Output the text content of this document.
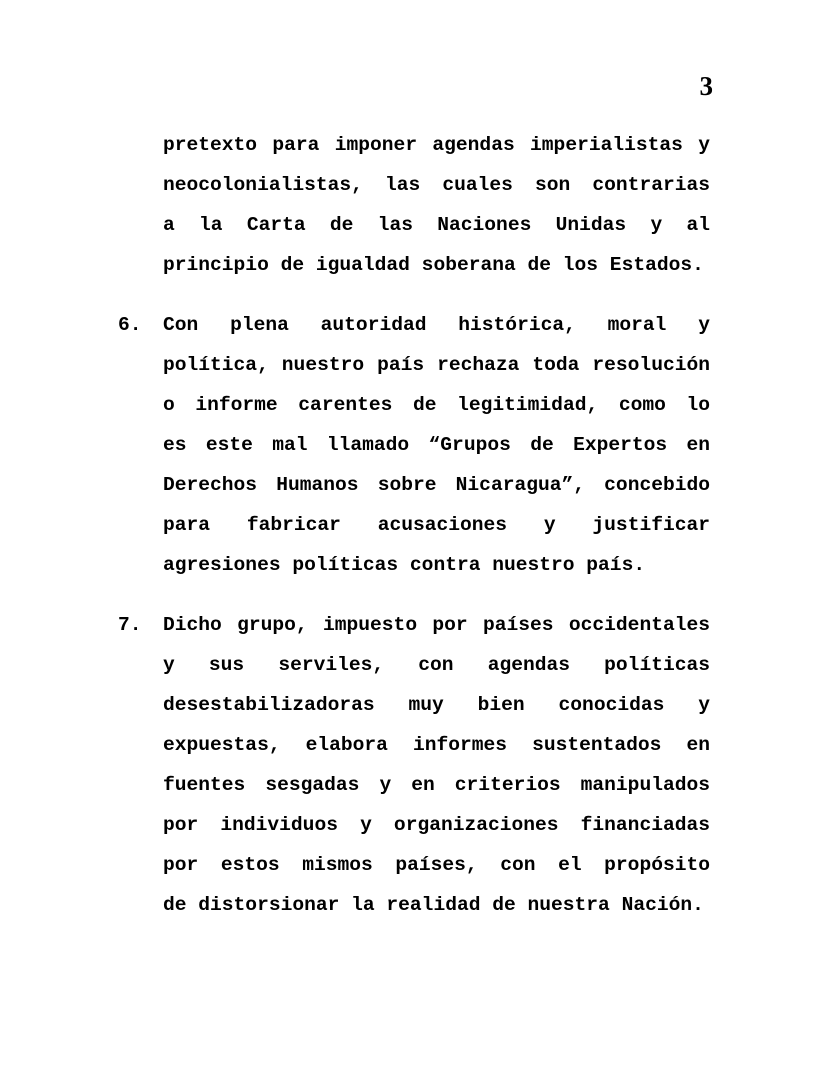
3
pretexto para imponer agendas imperialistas y
neocolonialistas, las cuales son contrarias
a la Carta de las Naciones Unidas y al
principio de igualdad soberana de los Estados.
6. Con plena autoridad histórica, moral y
política, nuestro país rechaza toda resolución
o informe carentes de legitimidad, como lo
es este mal llamado “Grupos de Expertos en
Derechos Humanos sobre Nicaragua”, concebido
para fabricar acusaciones y justificar
agresiones políticas contra nuestro país.
7. Dicho grupo, impuesto por países occidentales
y sus serviles, con agendas políticas
desestabilizadoras muy bien conocidas y
expuestas, elabora informes sustentados en
fuentes sesgadas y en criterios manipulados
por individuos y organizaciones financiadas
por estos mismos países, con el propósito
de distorsionar la realidad de nuestra Nación.
